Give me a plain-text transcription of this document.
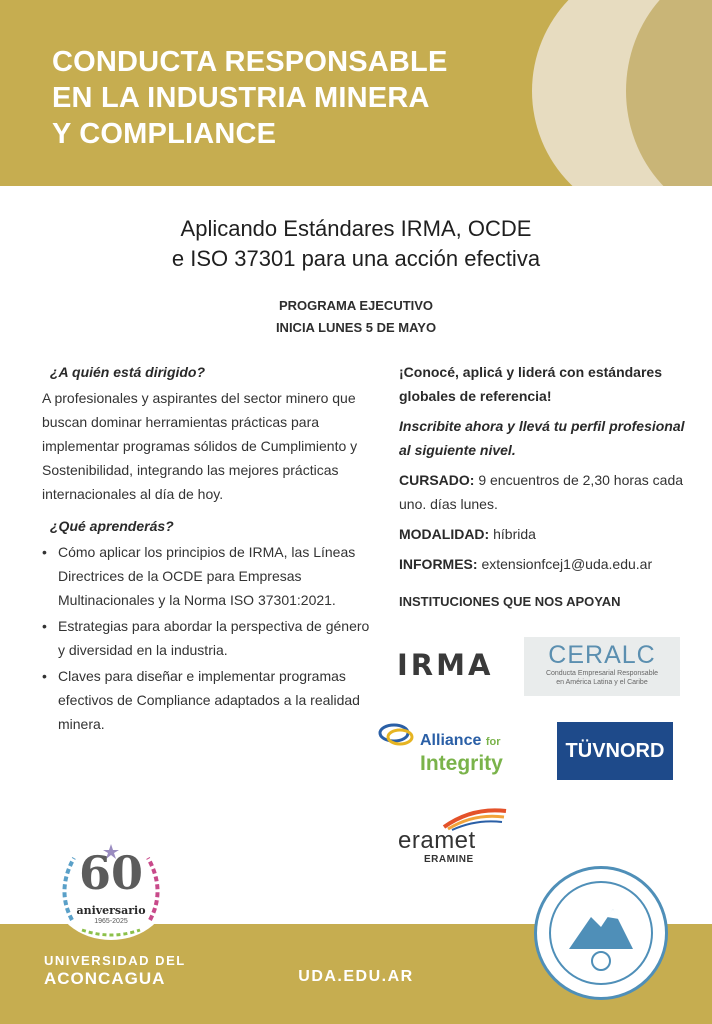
CONDUCTA RESPONSABLE
EN LA INDUSTRIA MINERA
Y COMPLIANCE
Aplicando Estándares IRMA, OCDE
e ISO 37301 para una acción efectiva
PROGRAMA EJECUTIVO
INICIA LUNES 5 DE MAYO
¿A quién está dirigido?

A profesionales y aspirantes del sector minero que buscan dominar herramientas prácticas para implementar programas sólidos de Cumplimiento y Sostenibilidad, integrando las mejores prácticas internacionales al día de hoy.

¿Qué aprenderás?
• Cómo aplicar los principios de IRMA, las Líneas Directrices de la OCDE para Empresas Multinacionales y la Norma ISO 37301:2021.
• Estrategias para abordar la perspectiva de género y diversidad en la industria.
• Claves para diseñar e implementar programas efectivos de Compliance adaptados a la realidad minera.
¡Conocé, aplicá y liderá con estándares globales de referencia!
Inscribite ahora y llevá tu perfil profesional al siguiente nivel.
CURSADO: 9 encuentros de 2,30 horas cada uno. días lunes.
MODALIDAD: híbrida
INFORMES: extensionfcej1@uda.edu.ar
INSTITUCIONES QUE NOS APOYAN
IRMA	CERALC
Conducta Empresarial Responsable
en América Latina y el Caribe
Alliance for
Integrity
TÜVNORD
eramet
ERAMINE
60
aniversario
1965-2025
UNIVERSIDAD DEL
ACONCAGUA	UDA.EDU.AR
